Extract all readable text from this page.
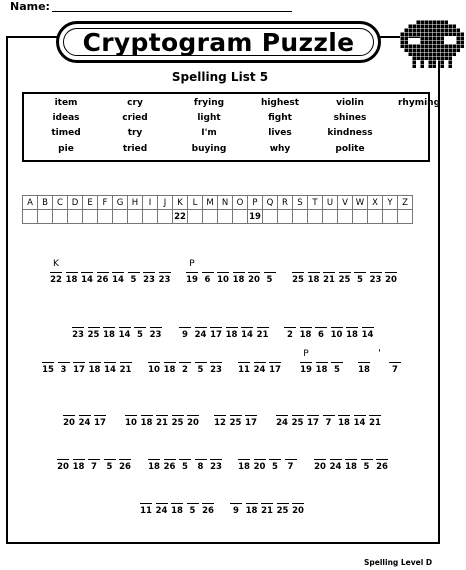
Name:
Cryptogram Puzzle
Spelling List 5
item	cry	frying	highest	violin	rhyming
ideas	cried	light	fight	shines
timed	try	I'm	lives	kindness
pie	tried	buying	why	polite
A	B	C	D	E	F	G	H	I	J	K	L	M	N	O	P	Q	R	S	T	U	V	W	X	Y	Z
										22					19										
K
22 18 14 26 14 5 23 23
P
19 6 10 18 20 5	25 18 21 25 5 23 20
23 25 18 14 5 23	9 24 17 18 14 21	2 18 6 10 18 14
15 3 17 18 14 21	10 18 2	5 23	11 24 17
P
19 18 5	18
'
7
20 24 17	10 18 21 25 20	12 25 17	24 25 17 7 18 14 21
20 18 7	5 26	18 26 5	8 23	18 20 5	7	20 24 18 5 26
11 24 18 5 26	9 18 21 25 20
Spelling Level D
